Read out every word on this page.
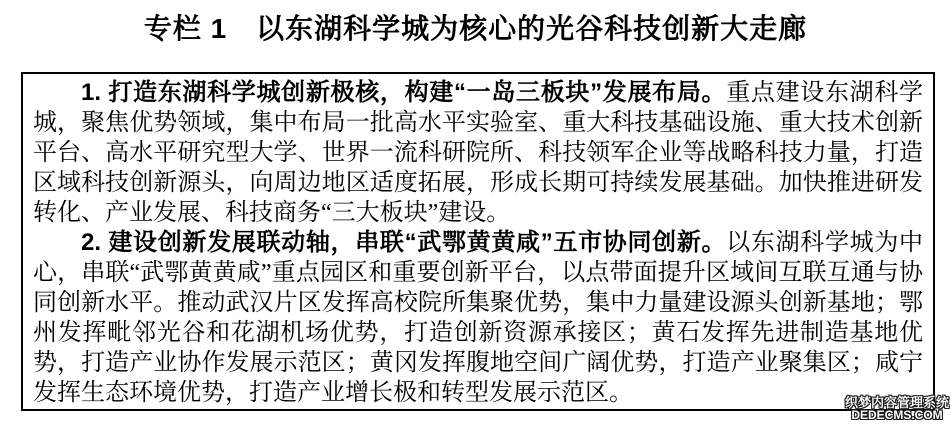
专栏 1　以东湖科学城为核心的光谷科技创新大走廊

1. 打造东湖科学城创新极核，构建“一岛三板块”发展布局。重点建设东湖科学城，聚焦优势领域，集中布局一批高水平实验室、重大科技基础设施、重大技术创新平台、高水平研究型大学、世界一流科研院所、科技领军企业等战略科技力量，打造区域科技创新源头，向周边地区适度拓展，形成长期可持续发展基础。加快推进研发转化、产业发展、科技商务“三大板块”建设。

2. 建设创新发展联动轴，串联“武鄂黄黄咸”五市协同创新。以东湖科学城为中心，串联“武鄂黄黄咸”重点园区和重要创新平台，以点带面提升区域间互联互通与协同创新水平。推动武汉片区发挥高校院所集聚优势，集中力量建设源头创新基地；鄂州发挥毗邻光谷和花湖机场优势，打造创新资源承接区；黄石发挥先进制造基地优势，打造产业协作发展示范区；黄冈发挥腹地空间广阔优势，打造产业聚集区；咸宁发挥生态环境优势，打造产业增长极和转型发展示范区。	织梦内容管理系统
DEDECMS.COM
